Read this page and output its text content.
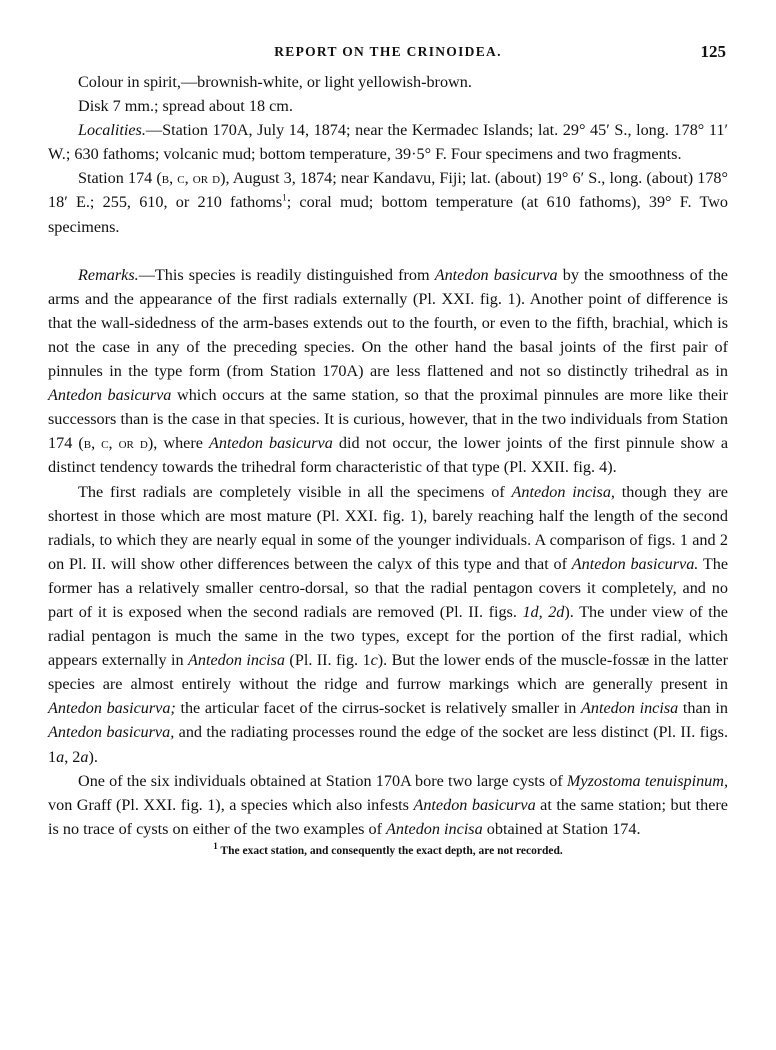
REPORT ON THE CRINOIDEA.	125

Colour in spirit,—brownish-white, or light yellowish-brown.

Disk 7 mm.; spread about 18 cm.

Localities.—Station 170A, July 14, 1874; near the Kermadec Islands; lat. 29° 45′ S., long. 178° 11′ W.; 630 fathoms; volcanic mud; bottom temperature, 39·5° F. Four specimens and two fragments.

Station 174 (b, c, or d), August 3, 1874; near Kandavu, Fiji; lat. (about) 19° 6′ S., long. (about) 178° 18′ E.; 255, 610, or 210 fathoms$^1$; coral mud; bottom temperature (at 610 fathoms), 39° F. Two specimens.

Remarks.—This species is readily distinguished from Antedon basicurva by the smoothness of the arms and the appearance of the first radials externally (Pl. XXI. fig. 1). Another point of difference is that the wall-sidedness of the arm-bases extends out to the fourth, or even to the fifth, brachial, which is not the case in any of the preceding species. On the other hand the basal joints of the first pair of pinnules in the type form (from Station 170A) are less flattened and not so distinctly trihedral as in Antedon basicurva which occurs at the same station, so that the proximal pinnules are more like their successors than is the case in that species. It is curious, however, that in the two individuals from Station 174 (b, c, or d), where Antedon basicurva did not occur, the lower joints of the first pinnule show a distinct tendency towards the trihedral form characteristic of that type (Pl. XXII. fig. 4).

The first radials are completely visible in all the specimens of Antedon incisa, though they are shortest in those which are most mature (Pl. XXI. fig. 1), barely reaching half the length of the second radials, to which they are nearly equal in some of the younger individuals. A comparison of figs. 1 and 2 on Pl. II. will show other differences between the calyx of this type and that of Antedon basicurva. The former has a relatively smaller centro-dorsal, so that the radial pentagon covers it completely, and no part of it is exposed when the second radials are removed (Pl. II. figs. 1d, 2d). The under view of the radial pentagon is much the same in the two types, except for the portion of the first radial, which appears externally in Antedon incisa (Pl. II. fig. 1c). But the lower ends of the muscle-fossæ in the latter species are almost entirely without the ridge and furrow markings which are generally present in Antedon basicurva; the articular facet of the cirrus-socket is relatively smaller in Antedon incisa than in Antedon basicurva, and the radiating processes round the edge of the socket are less distinct (Pl. II. figs. 1a, 2a).

One of the six individuals obtained at Station 170A bore two large cysts of Myzostoma tenuispinum, von Graff (Pl. XXI. fig. 1), a species which also infests Antedon basicurva at the same station; but there is no trace of cysts on either of the two examples of Antedon incisa obtained at Station 174.

$^1$ The exact station, and consequently the exact depth, are not recorded.
